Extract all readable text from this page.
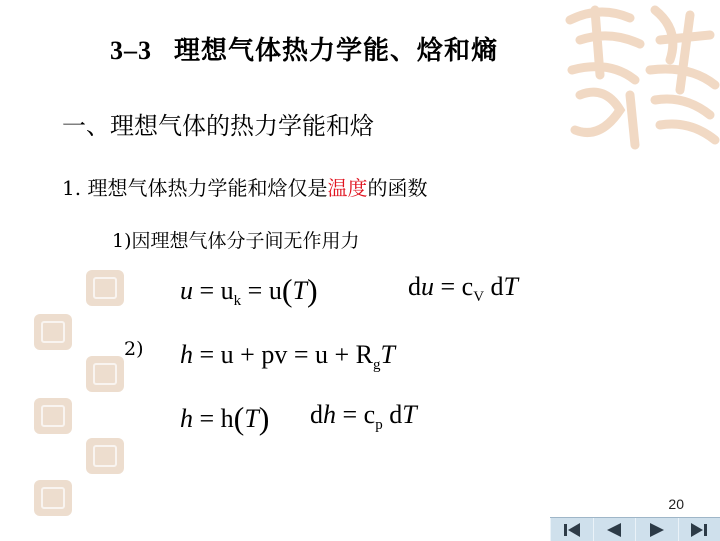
3–3 理想气体热力学能、焓和熵
一、理想气体的热力学能和焓
1. 理想气体热力学能和焓仅是温度的函数
1)因理想气体分子间无作用力
$u = u_k = u(T)$	du = $c_V$ dT
2) h = u + pv = $u + R_gT$
h = h(T) dh = $c_p$ dT
20
